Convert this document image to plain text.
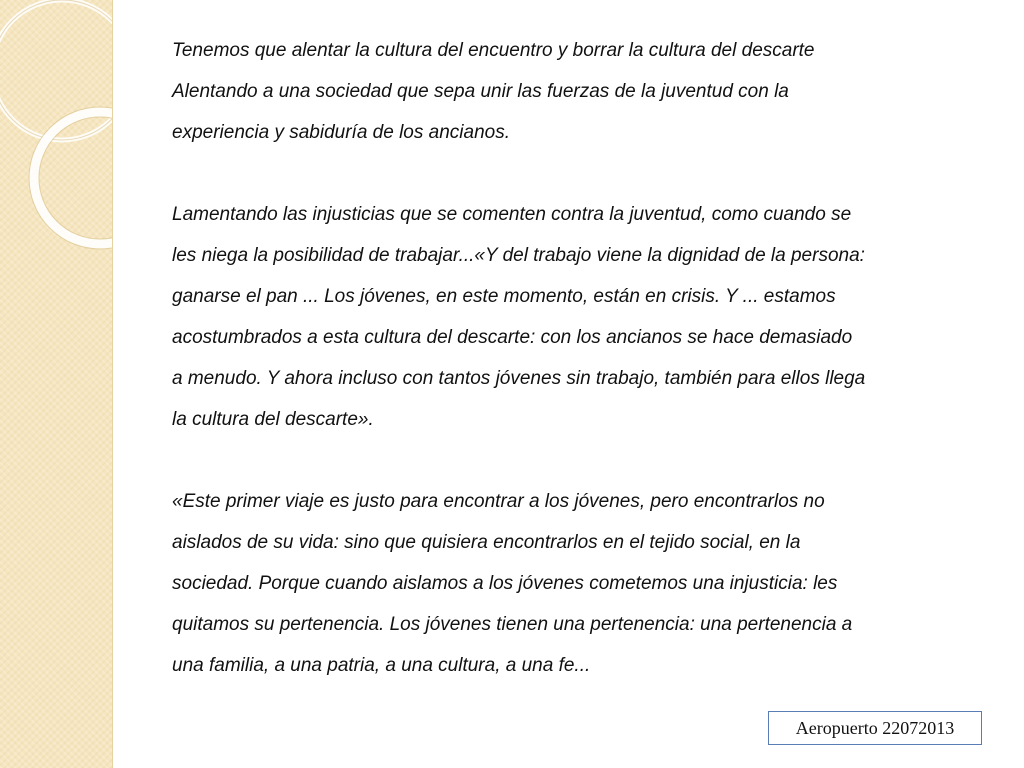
Tenemos que alentar la cultura del encuentro y borrar la cultura del descarte
Alentando a una sociedad que sepa unir las fuerzas de la juventud con la
experiencia y sabiduría de los ancianos.

Lamentando las injusticias que se comenten contra la juventud, como cuando se
les niega la posibilidad de trabajar...«Y del trabajo viene la dignidad de la persona:
ganarse el pan ... Los jóvenes, en este momento, están en crisis. Y ... estamos
acostumbrados a esta cultura del descarte: con los ancianos se hace demasiado
a menudo. Y ahora incluso con tantos jóvenes sin trabajo, también para ellos llega
la cultura del descarte».

«Este primer viaje es justo para encontrar a los jóvenes, pero encontrarlos no
aislados de su vida: sino que quisiera encontrarlos en el tejido social, en la
sociedad. Porque cuando aislamos a los jóvenes cometemos una injusticia: les
quitamos su pertenencia. Los jóvenes tienen una pertenencia: una pertenencia a
una familia, a una patria, a una cultura, a una fe...

Aeropuerto 22072013
